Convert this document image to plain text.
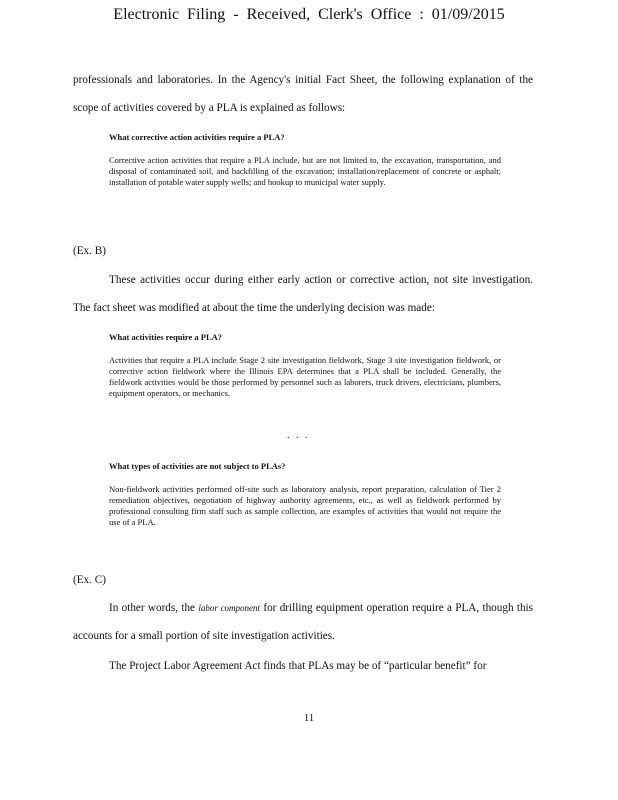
Electronic Filing - Received, Clerk's Office : 01/09/2015
professionals and laboratories. In the Agency's initial Fact Sheet, the following explanation of the scope of activities covered by a PLA is explained as follows:
What corrective action activities require a PLA?
Corrective action activities that require a PLA include, but are not limited to, the excavation, transportation, and disposal of contaminated soil, and backfilling of the excavation; installation/replacement of concrete or asphalt; installation of potable water supply wells; and hookup to municipal water supply.
(Ex. B)
These activities occur during either early action or corrective action, not site investigation. The fact sheet was modified at about the time the underlying decision was made:
What activities require a PLA?
Activities that require a PLA include Stage 2 site investigation fieldwork, Stage 3 site investigation fieldwork, or corrective action fieldwork where the Illinois EPA determines that a PLA shall be included. Generally, the fieldwork activities would be those performed by personnel such as laborers, truck drivers, electricians, plumbers, equipment operators, or mechanics.
. . .
What types of activities are not subject to PLAs?
Non-fieldwork activities performed off-site such as laboratory analysis, report preparation, calculation of Tier 2 remediation objectives, negotiation of highway authority agreements, etc., as well as fieldwork performed by professional consulting firm staff such as sample collection, are examples of activities that would not require the use of a PLA.
(Ex. C)
In other words, the labor component for drilling equipment operation require a PLA, though this accounts for a small portion of site investigation activities.
The Project Labor Agreement Act finds that PLAs may be of “particular benefit” for
11
